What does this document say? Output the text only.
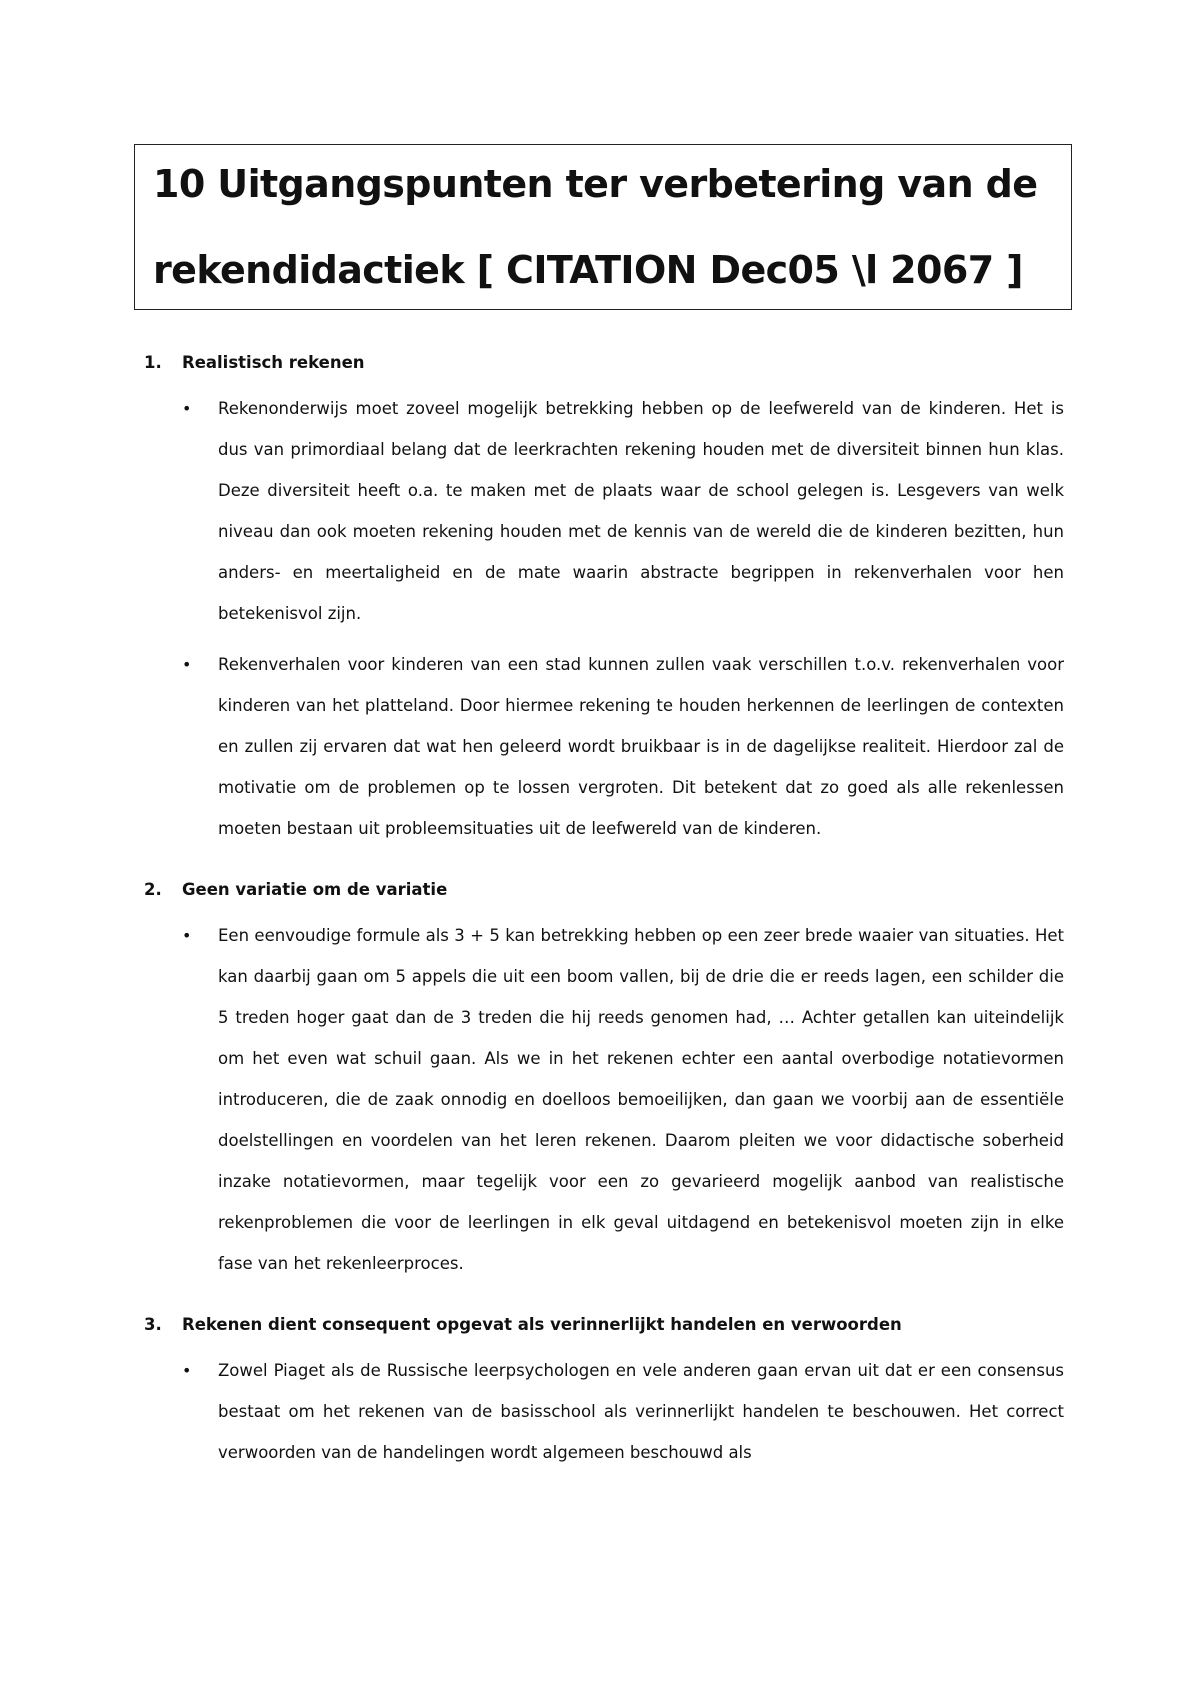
10 Uitgangspunten ter verbetering van de
rekendidactiek [ CITATION Dec05 \l 2067 ]
1.	Realistisch rekenen
• Rekenonderwijs moet zoveel mogelijk betrekking hebben op de leefwereld van de kinderen. Het is dus van primordiaal belang dat de leerkrachten rekening houden met de diversiteit binnen hun klas. Deze diversiteit heeft o.a. te maken met de plaats waar de school gelegen is. Lesgevers van welk niveau dan ook moeten rekening houden met de kennis van de wereld die de kinderen bezitten, hun anders- en meertaligheid en de mate waarin abstracte begrippen in rekenverhalen voor hen betekenisvol zijn.
• Rekenverhalen voor kinderen van een stad kunnen zullen vaak verschillen t.o.v. rekenverhalen voor kinderen van het platteland. Door hiermee rekening te houden herkennen de leerlingen de contexten en zullen zij ervaren dat wat hen geleerd wordt bruikbaar is in de dagelijkse realiteit. Hierdoor zal de motivatie om de problemen op te lossen vergroten. Dit betekent dat zo goed als alle rekenlessen moeten bestaan uit probleemsituaties uit de leefwereld van de kinderen.
2.	Geen variatie om de variatie
• Een eenvoudige formule als 3 + 5 kan betrekking hebben op een zeer brede waaier van situaties. Het kan daarbij gaan om 5 appels die uit een boom vallen, bij de drie die er reeds lagen, een schilder die 5 treden hoger gaat dan de 3 treden die hij reeds genomen had, … Achter getallen kan uiteindelijk om het even wat schuil gaan. Als we in het rekenen echter een aantal overbodige notatievormen introduceren, die de zaak onnodig en doelloos bemoeilijken, dan gaan we voorbij aan de essentiële doelstellingen en voordelen van het leren rekenen. Daarom pleiten we voor didactische soberheid inzake notatievormen, maar tegelijk voor een zo gevarieerd mogelijk aanbod van realistische rekenproblemen die voor de leerlingen in elk geval uitdagend en betekenisvol moeten zijn in elke fase van het rekenleerproces.
3.	Rekenen dient consequent opgevat als verinnerlijkt handelen en verwoorden
• Zowel Piaget als de Russische leerpsychologen en vele anderen gaan ervan uit dat er een consensus bestaat om het rekenen van de basisschool als verinnerlijkt handelen te beschouwen. Het correct verwoorden van de handelingen wordt algemeen beschouwd als
